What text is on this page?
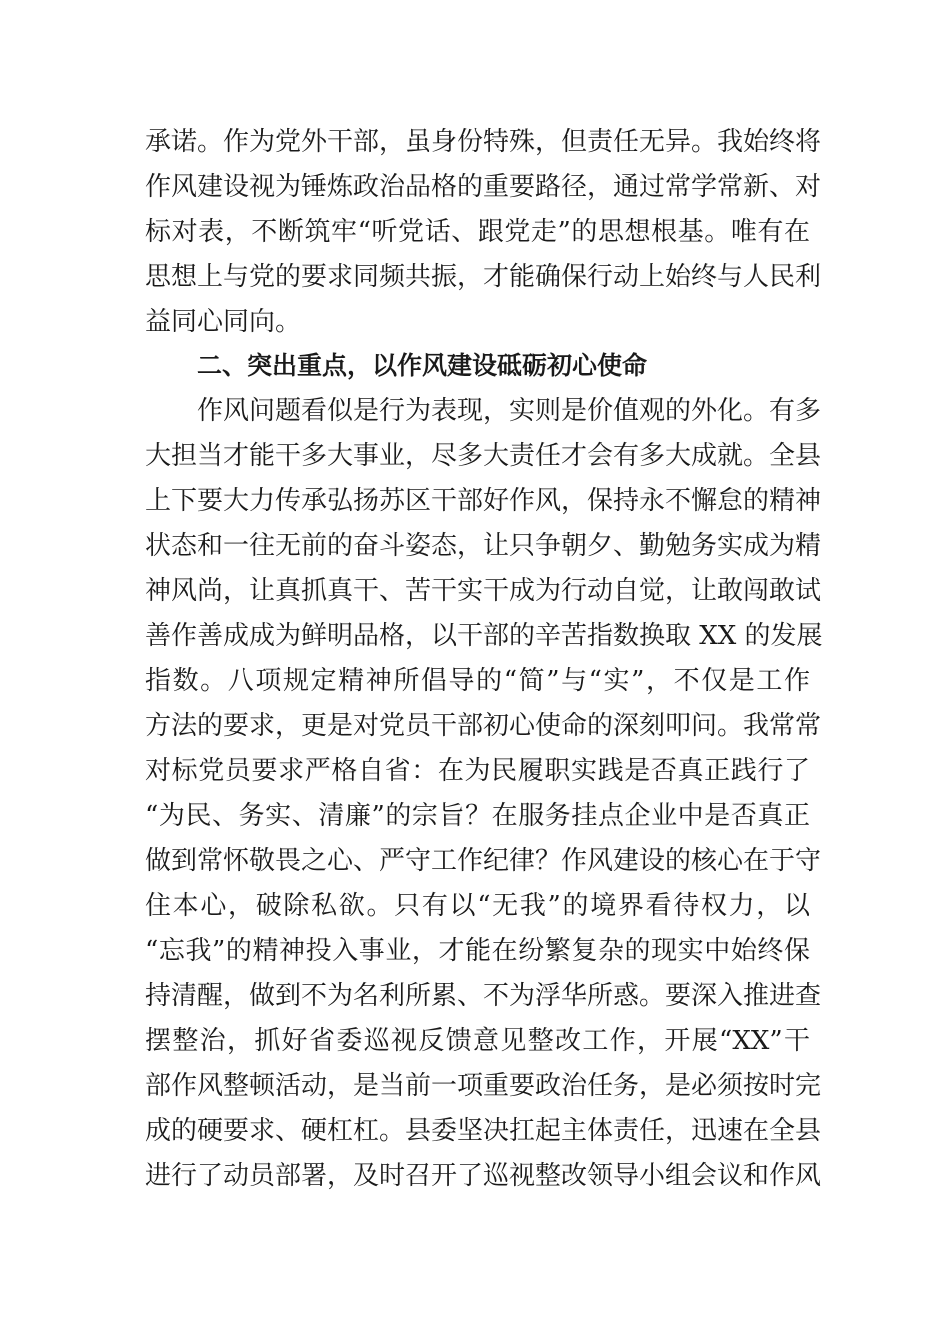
承诺。作为党外干部，虽身份特殊，但责任无异。我始终将
作风建设视为锤炼政治品格的重要路径，通过常学常新、对
标对表，不断筑牢“听党话、跟党走”的思想根基。唯有在
思想上与党的要求同频共振，才能确保行动上始终与人民利
益同心同向。
二、突出重点，以作风建设砥砺初心使命
作风问题看似是行为表现，实则是价值观的外化。有多
大担当才能干多大事业，尽多大责任才会有多大成就。全县
上下要大力传承弘扬苏区干部好作风，保持永不懈怠的精神
状态和一往无前的奋斗姿态，让只争朝夕、勤勉务实成为精
神风尚，让真抓真干、苦干实干成为行动自觉，让敢闯敢试
善作善成成为鲜明品格，以干部的辛苦指数换取 XX 的发展
指数。八项规定精神所倡导的“简”与“实”，不仅是工作
方法的要求，更是对党员干部初心使命的深刻叩问。我常常
对标党员要求严格自省：在为民履职实践是否真正践行了
“为民、务实、清廉”的宗旨？在服务挂点企业中是否真正
做到常怀敬畏之心、严守工作纪律？作风建设的核心在于守
住本心，破除私欲。只有以“无我”的境界看待权力，以
“忘我”的精神投入事业，才能在纷繁复杂的现实中始终保
持清醒，做到不为名利所累、不为浮华所惑。要深入推进查
摆整治，抓好省委巡视反馈意见整改工作，开展“XX”干
部作风整顿活动，是当前一项重要政治任务，是必须按时完
成的硬要求、硬杠杠。县委坚决扛起主体责任，迅速在全县
进行了动员部署，及时召开了巡视整改领导小组会议和作风
